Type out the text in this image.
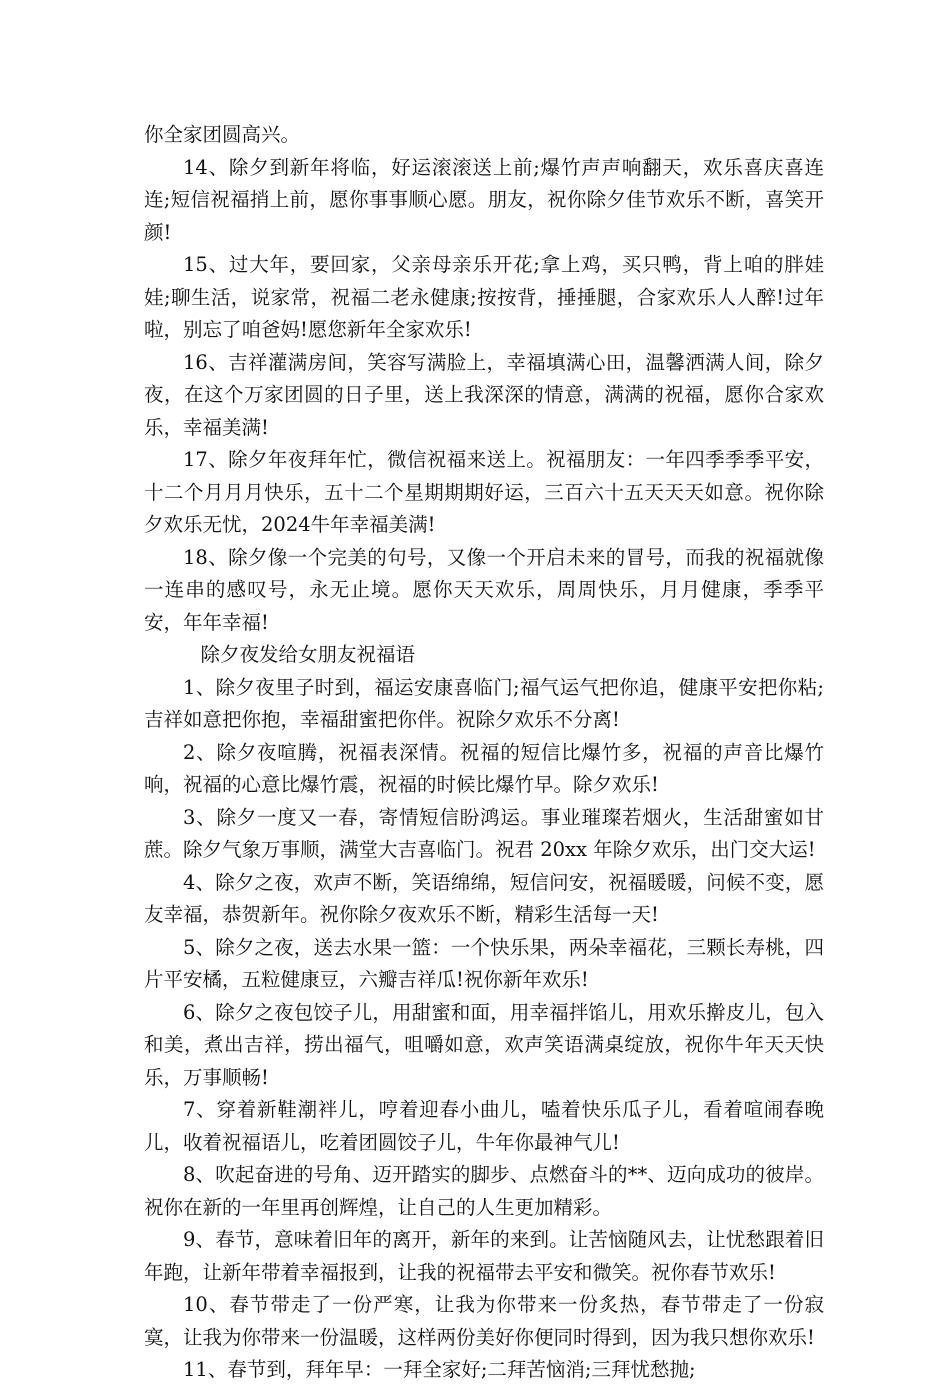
你全家团圆高兴。

14、除夕到新年将临，好运滚滚送上前;爆竹声声响翻天，欢乐喜庆喜连连;短信祝福捎上前，愿你事事顺心愿。朋友，祝你除夕佳节欢乐不断，喜笑开颜!

15、过大年，要回家，父亲母亲乐开花;拿上鸡，买只鸭，背上咱的胖娃娃;聊生活，说家常，祝福二老永健康;按按背，捶捶腿，合家欢乐人人醉!过年啦，别忘了咱爸妈!愿您新年全家欢乐!

16、吉祥灌满房间，笑容写满脸上，幸福填满心田，温馨洒满人间，除夕夜，在这个万家团圆的日子里，送上我深深的情意，满满的祝福，愿你合家欢乐，幸福美满!

17、除夕年夜拜年忙，微信祝福来送上。祝福朋友：一年四季季季平安，十二个月月月快乐，五十二个星期期期好运，三百六十五天天天如意。祝你除夕欢乐无忧，2024牛年幸福美满!

18、除夕像一个完美的句号，又像一个开启未来的冒号，而我的祝福就像一连串的感叹号，永无止境。愿你天天欢乐，周周快乐，月月健康，季季平安，年年幸福!

除夕夜发给女朋友祝福语

1、除夕夜里子时到，福运安康喜临门;福气运气把你追，健康平安把你粘;吉祥如意把你抱，幸福甜蜜把你伴。祝除夕欢乐不分离!

2、除夕夜喧腾，祝福表深情。祝福的短信比爆竹多，祝福的声音比爆竹响，祝福的心意比爆竹震，祝福的时候比爆竹早。除夕欢乐!

3、除夕一度又一春，寄情短信盼鸿运。事业璀璨若烟火，生活甜蜜如甘蔗。除夕气象万事顺，满堂大吉喜临门。祝君 20xx 年除夕欢乐，出门交大运!

4、除夕之夜，欢声不断，笑语绵绵，短信问安，祝福暖暖，问候不变，愿友幸福，恭贺新年。祝你除夕夜欢乐不断，精彩生活每一天!

5、除夕之夜，送去水果一篮：一个快乐果，两朵幸福花，三颗长寿桃，四片平安橘，五粒健康豆，六瓣吉祥瓜!祝你新年欢乐!

6、除夕之夜包饺子儿，用甜蜜和面，用幸福拌馅儿，用欢乐擀皮儿，包入和美，煮出吉祥，捞出福气，咀嚼如意，欢声笑语满桌绽放，祝你牛年天天快乐，万事顺畅!

7、穿着新鞋潮袢儿，哼着迎春小曲儿，嗑着快乐瓜子儿，看着喧闹春晚儿，收着祝福语儿，吃着团圆饺子儿，牛年你最神气儿!

8、吹起奋进的号角、迈开踏实的脚步、点燃奋斗的**、迈向成功的彼岸。祝你在新的一年里再创辉煌，让自己的人生更加精彩。

9、春节，意味着旧年的离开，新年的来到。让苦恼随风去，让忧愁跟着旧年跑，让新年带着幸福报到，让我的祝福带去平安和微笑。祝你春节欢乐!

10、春节带走了一份严寒，让我为你带来一份炙热，春节带走了一份寂寞，让我为你带来一份温暖，这样两份美好你便同时得到，因为我只想你欢乐!

11、春节到，拜年早：一拜全家好;二拜苦恼消;三拜忧愁抛;
